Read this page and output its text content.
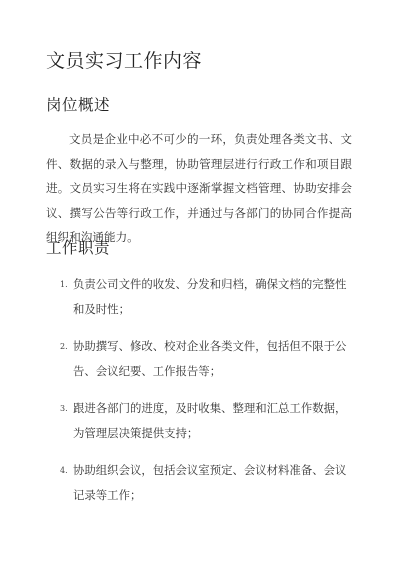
文员实习工作内容
岗位概述

文员是企业中必不可少的一环，负责处理各类文书、文件、数据的录入与整理，协助管理层进行行政工作和项目跟进。文员实习生将在实践中逐渐掌握文档管理、协助安排会议、撰写公告等行政工作，并通过与各部门的协同合作提高组织和沟通能力。

工作职责
1. 负责公司文件的收发、分发和归档，确保文档的完整性和及时性；
2. 协助撰写、修改、校对企业各类文件，包括但不限于公告、会议纪要、工作报告等；
3. 跟进各部门的进度，及时收集、整理和汇总工作数据，为管理层决策提供支持；
4. 协助组织会议，包括会议室预定、会议材料准备、会议记录等工作；
